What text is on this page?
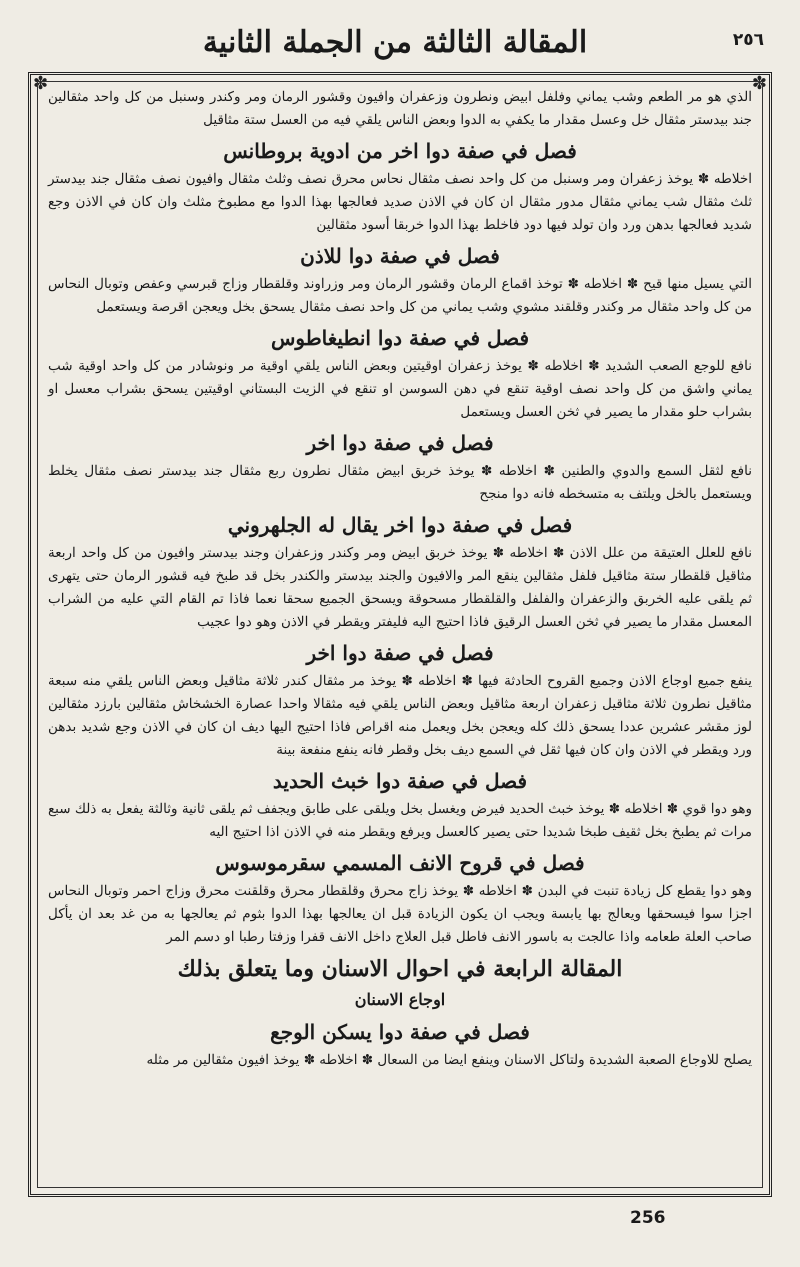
٢٥٦
المقالة الثالثة من الجملة الثانية
✽	✽

الذي هو مر الطعم وشب يماني وفلفل ابيض ونطرون وزعفران وافيون وقشور الرمان ومر وكندر وسنبل من كل واحد مثقالين جند بيدستر مثقال خل وعسل مقدار ما يكفي به الدوا وبعض الناس يلقي فيه من العسل ستة مثاقيل

فصل في صفة دوا اخر من ادوية بروطانس

اخلاطه ✽ يوخذ زعفران ومر وسنبل من كل واحد نصف مثقال نحاس محرق نصف وثلث مثقال وافيون نصف مثقال جند بيدستر ثلث مثقال شب يماني مثقال مدور مثقال ان كان في الاذن صديد فعالجها بهذا الدوا مع مطبوخ مثلث وان كان في الاذن وجع شديد فعالجها بدهن ورد وان تولد فيها دود فاخلط بهذا الدوا خربقا أسود مثقالين

فصل في صفة دوا للاذن

التي يسيل منها قيح ✽ اخلاطه ✽ توخذ اقماع الرمان وقشور الرمان ومر وزراوند وقلقطار وزاج قبرسي وعفص وتوبال النحاس من كل واحد مثقال مر وكندر وقلقند مشوي وشب يماني من كل واحد نصف مثقال يسحق بخل ويعجن اقرصة ويستعمل

فصل في صفة دوا انطيغاطوس

نافع للوجع الصعب الشديد ✽ اخلاطه ✽ يوخذ زعفران اوقيتين وبعض الناس يلقي اوقية مر ونوشادر من كل واحد اوقية شب يماني واشق من كل واحد نصف اوقية تنقع في دهن السوسن او تنقع في الزيت البستاني اوقيتين يسحق بشراب معسل او بشراب حلو مقدار ما يصير في ثخن العسل ويستعمل

فصل في صفة دوا اخر

نافع لثقل السمع والدوي والطنين ✽ اخلاطه ✽ يوخذ خربق ابيض مثقال نطرون ربع مثقال جند بيدستر نصف مثقال يخلط ويستعمل بالخل ويلتف به متسخطه فانه دوا منجح

فصل في صفة دوا اخر يقال له الجلهروني

نافع للعلل العتيقة من علل الاذن ✽ اخلاطه ✽ يوخذ خربق ابيض ومر وكندر وزعفران وجند بيدستر وافيون من كل واحد اربعة مثاقيل قلقطار ستة مثاقيل فلفل مثقالين ينقع المر والافيون والجند بيدستر والكندر بخل قد طبخ فيه قشور الرمان حتى يتهرى ثم يلقى عليه الخربق والزعفران والفلفل والقلقطار مسحوقة ويسحق الجميع سحقا نعما فاذا تم القام التي عليه من الشراب المعسل مقدار ما يصير في ثخن العسل الرقيق فاذا احتيج اليه فليفتر ويقطر في الاذن وهو دوا عجيب

فصل في صفة دوا اخر

ينفع جميع اوجاع الاذن وجميع القروح الحادثة فيها ✽ اخلاطه ✽ يوخذ مر مثقال كندر ثلاثة مثاقيل وبعض الناس يلقي منه سبعة مثاقيل نطرون ثلاثة مثاقيل زعفران اربعة مثاقيل وبعض الناس يلقي فيه مثقالا واحدا عصارة الخشخاش مثقالين بارزد مثقالين لوز مقشر عشرين عددا يسحق ذلك كله ويعجن بخل ويعمل منه اقراص فاذا احتيج اليها ديف ان كان في الاذن وجع شديد بدهن ورد ويقطر في الاذن وان كان فيها ثقل في السمع ديف بخل وقطر فانه ينفع منفعة بينة

فصل في صفة دوا خبث الحديد

وهو دوا قوي ✽ اخلاطه ✽ يوخذ خبث الحديد فيرض ويغسل بخل ويلقى على طابق ويجفف ثم يلقى ثانية وثالثة يفعل به ذلك سبع مرات ثم يطبخ بخل ثقيف طبخا شديدا حتى يصير كالعسل ويرفع ويقطر منه في الاذن اذا احتيج اليه

فصل في قروح الانف المسمي سقرموسوس

وهو دوا يقطع كل زيادة تنبت في البدن ✽ اخلاطه ✽ يوخذ زاج محرق وقلقطار محرق وقلقنت محرق وزاج احمر وتوبال النحاس اجزا سوا فيسحقها ويعالج بها يابسة ويجب ان يكون الزيادة قبل ان يعالجها بهذا الدوا بثوم ثم يعالجها به من غد بعد ان يأكل صاحب العلة طعامه واذا عالجت به باسور الانف فاطل قبل العلاج داخل الانف قفرا وزفتا رطبا او دسم المر

المقالة الرابعة في احوال الاسنان وما يتعلق بذلك
اوجاع الاسنان
فصل في صفة دوا يسكن الوجع

يصلح للاوجاع الصعبة الشديدة ولتاكل الاسنان وينفع ايضا من السعال ✽ اخلاطه ✽ يوخذ افيون مثقالين مر مثله

256
